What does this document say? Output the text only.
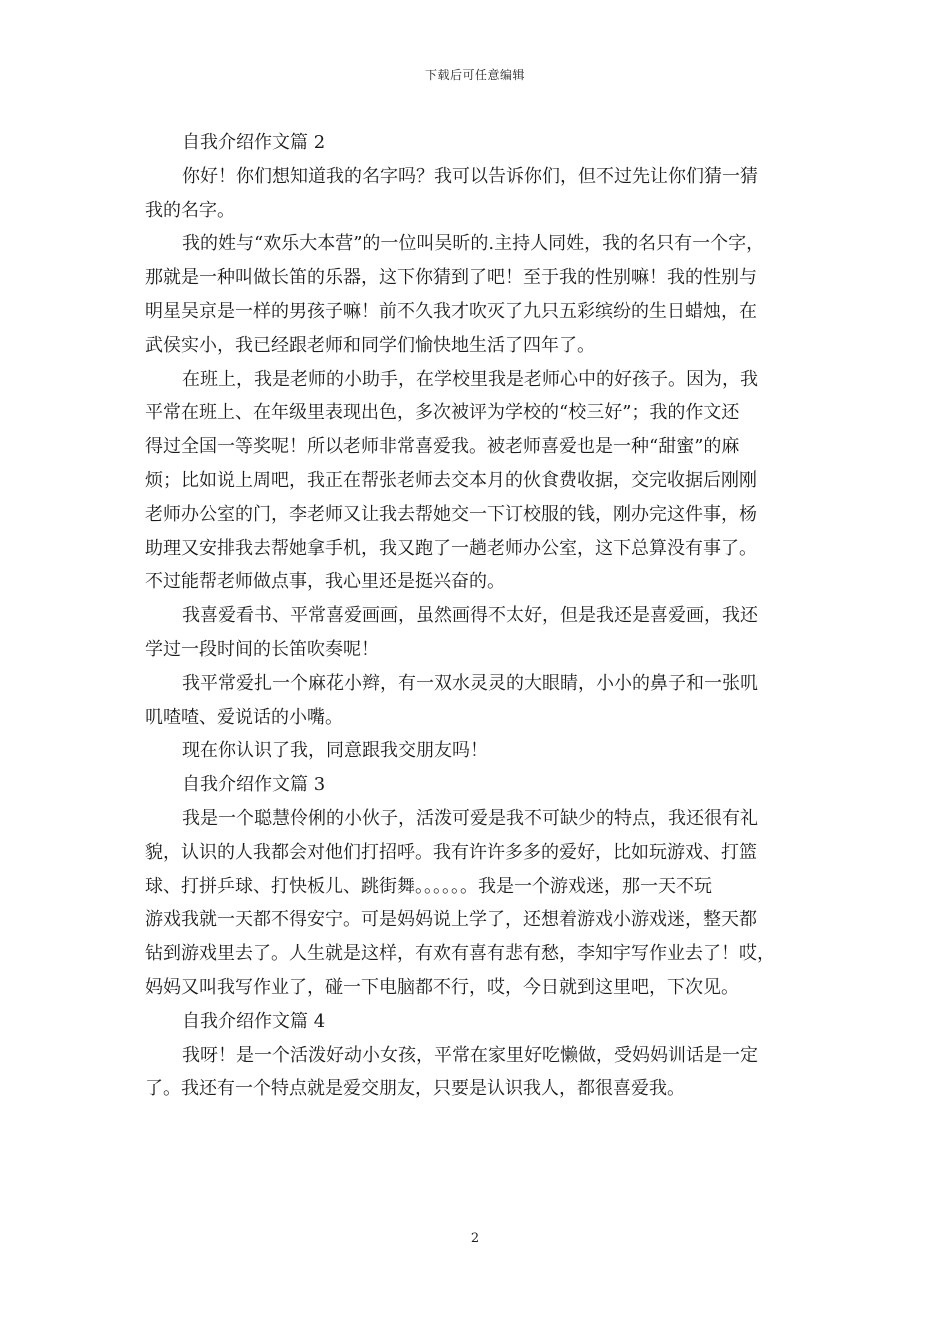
下载后可任意编辑
自我介绍作文篇 2
你好！你们想知道我的名字吗？我可以告诉你们，但不过先让你们猜一猜
我的名字。
我的姓与“欢乐大本营”的一位叫吴昕的.主持人同姓，我的名只有一个字，
那就是一种叫做长笛的乐器，这下你猜到了吧！至于我的性别嘛！我的性别与
明星吴京是一样的男孩子嘛！前不久我才吹灭了九只五彩缤纷的生日蜡烛，在
武侯实小，我已经跟老师和同学们愉快地生活了四年了。
在班上，我是老师的小助手，在学校里我是老师心中的好孩子。因为，我
平常在班上、在年级里表现出色，多次被评为学校的“校三好”；我的作文还
得过全国一等奖呢！所以老师非常喜爱我。被老师喜爱也是一种“甜蜜”的麻
烦；比如说上周吧，我正在帮张老师去交本月的伙食费收据，交完收据后刚刚
老师办公室的门，李老师又让我去帮她交一下订校服的钱，刚办完这件事，杨
助理又安排我去帮她拿手机，我又跑了一趟老师办公室，这下总算没有事了。
不过能帮老师做点事，我心里还是挺兴奋的。
我喜爱看书、平常喜爱画画，虽然画得不太好，但是我还是喜爱画，我还
学过一段时间的长笛吹奏呢！
我平常爱扎一个麻花小辫，有一双水灵灵的大眼睛，小小的鼻子和一张叽
叽喳喳、爱说话的小嘴。
现在你认识了我，同意跟我交朋友吗！
自我介绍作文篇 3
我是一个聪慧伶俐的小伙子，活泼可爱是我不可缺少的特点，我还很有礼
貌，认识的人我都会对他们打招呼。我有许许多多的爱好，比如玩游戏、打篮
球、打拼乒球、打快板儿、跳街舞。。。。。。我是一个游戏迷，那一天不玩
游戏我就一天都不得安宁。可是妈妈说上学了，还想着游戏小游戏迷，整天都
钻到游戏里去了。人生就是这样，有欢有喜有悲有愁，李知宇写作业去了！哎，
妈妈又叫我写作业了，碰一下电脑都不行，哎，今日就到这里吧，下次见。
自我介绍作文篇 4
我呀！是一个活泼好动小女孩，平常在家里好吃懒做，受妈妈训话是一定
了。我还有一个特点就是爱交朋友，只要是认识我人，都很喜爱我。
2
